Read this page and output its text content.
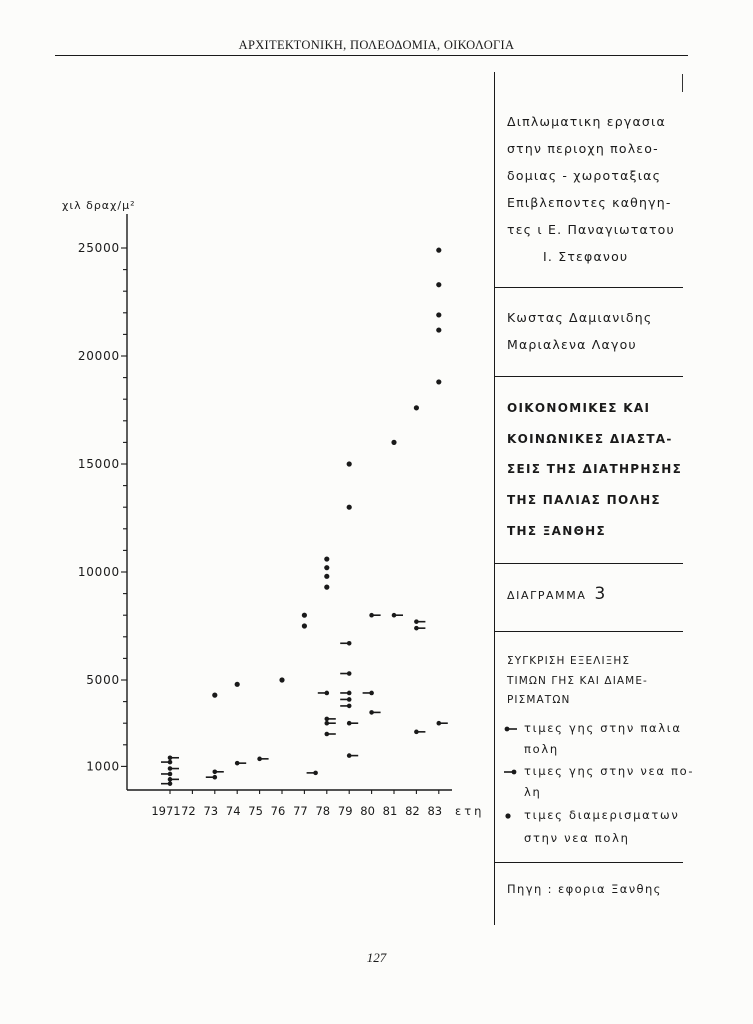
ΑΡΧΙΤΕΚΤΟΝΙΚΗ, ΠΟΛΕΟΔΟΜΙΑ, ΟΙΚΟΛΟΓΙΑ
χιλ δραχ/μ²
ετη
1000
5000
10000
15000
20000
25000
1971 72 73 74 75 76 77 78 79 80 81 82 83
Διπλωματικη εργασια
στην περιοχη πολεο-
δομιας - χωροταξιας
Επιβλεποντες καθηγη-
τες ι Ε. Παναγιωτατου
Ι. Στεφανου
Κωστας Δαμιανιδης
Μαριαλενα Λαγου
ΟΙΚΟΝΟΜΙΚΕΣ ΚΑΙ
ΚΟΙΝΩΝΙΚΕΣ ΔΙΑΣΤΑ-
ΣΕΙΣ ΤΗΣ ΔΙΑΤΗΡΗΣΗΣ
ΤΗΣ ΠΑΛΙΑΣ ΠΟΛΗΣ
ΤΗΣ ΞΑΝΘΗΣ
ΔΙΑΓΡΑΜΜΑ 3
ΣΥΓΚΡΙΣΗ ΕΞΕΛΙΞΗΣ
ΤΙΜΩΝ ΓΗΣ ΚΑΙ ΔΙΑΜΕ-
ΡΙΣΜΑΤΩΝ
τιμες γης στην παλια
πολη
τιμες γης στην νεα πο-
λη
τιμες διαμερισματων
στην νεα πολη
Πηγη : εφορια Ξανθης
127
